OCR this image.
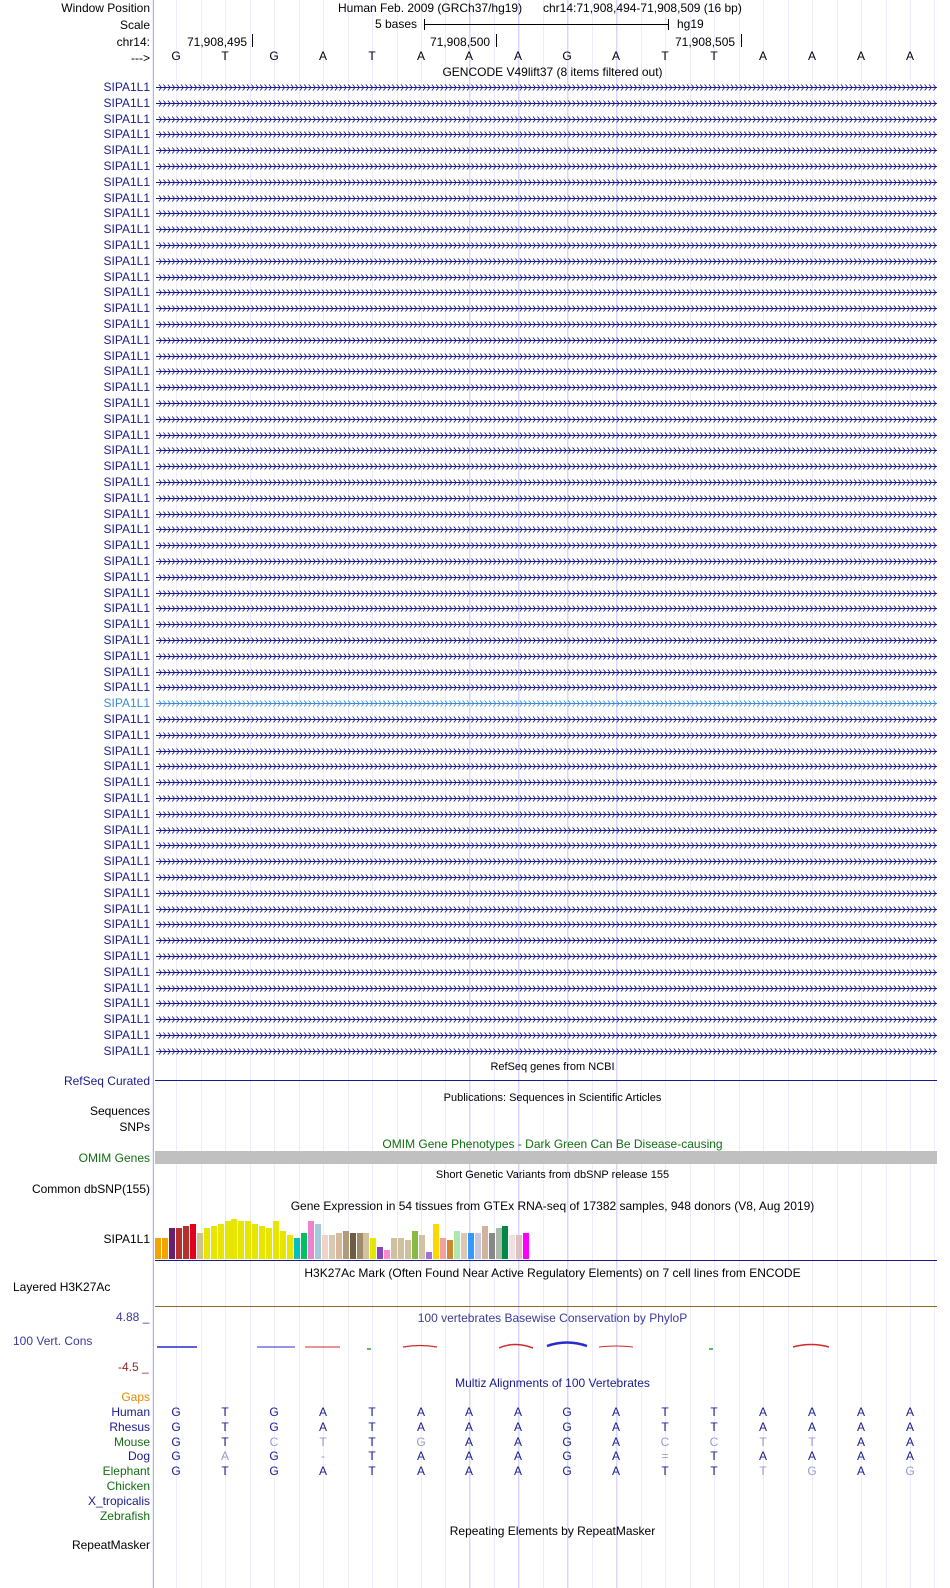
Window Position	Human Feb. 2009 (GRCh37/hg19) chr14:71,908,494-71,908,509 (16 bp)
Scale	5 bases	hg19
chr14:	71,908,495	71,908,500	71,908,505
--->	G	T	G	A	T	A	A	A	G	A	T	T	A	A	A	A
GENCODE V49lift37 (8 items filtered out)
SIPA1L1
SIPA1L1
SIPA1L1
SIPA1L1
SIPA1L1
SIPA1L1
SIPA1L1
SIPA1L1
SIPA1L1
SIPA1L1
SIPA1L1
SIPA1L1
SIPA1L1
SIPA1L1
SIPA1L1
SIPA1L1
SIPA1L1
SIPA1L1
SIPA1L1
SIPA1L1
SIPA1L1
SIPA1L1
SIPA1L1
SIPA1L1
SIPA1L1
SIPA1L1
SIPA1L1
SIPA1L1
SIPA1L1
SIPA1L1
SIPA1L1
SIPA1L1
SIPA1L1
SIPA1L1
SIPA1L1
SIPA1L1
SIPA1L1
SIPA1L1
SIPA1L1
SIPA1L1
SIPA1L1
SIPA1L1
SIPA1L1
SIPA1L1
SIPA1L1
SIPA1L1
SIPA1L1
SIPA1L1
SIPA1L1
SIPA1L1
SIPA1L1
SIPA1L1
SIPA1L1
SIPA1L1
SIPA1L1
SIPA1L1
SIPA1L1
SIPA1L1
SIPA1L1
SIPA1L1
SIPA1L1
SIPA1L1
RefSeq genes from NCBI
RefSeq Curated
Publications: Sequences in Scientific Articles
Sequences
SNPs
OMIM Gene Phenotypes - Dark Green Can Be Disease-causing
OMIM Genes
Short Genetic Variants from dbSNP release 155
Common dbSNP(155)
Gene Expression in 54 tissues from GTEx RNA-seq of 17382 samples, 948 donors (V8, Aug 2019)
SIPA1L1
H3K27Ac Mark (Often Found Near Active Regulatory Elements) on 7 cell lines from ENCODE
Layered H3K27Ac
100 vertebrates Basewise Conservation by PhyloP
4.88 _
100 Vert. Cons
-4.5 _
Multiz Alignments of 100 Vertebrates
Gaps
Human	G	T	G	A	T	A	A	A	G	A	T	T	A	A	A	A
Rhesus	G	T	G	A	T	A	A	A	G	A	T	T	A	A	A	A
Mouse	G	T	C	T	T	G	A	A	G	A	C	C	T	T	A	A
Dog	G	A	G	-	T	A	A	A	G	A	=	T	A	A	A	A
Elephant	G	T	G	A	T	A	A	A	G	A	T	T	T	G	A	G
Chicken
X_tropicalis
Zebrafish
Repeating Elements by RepeatMasker
RepeatMasker
